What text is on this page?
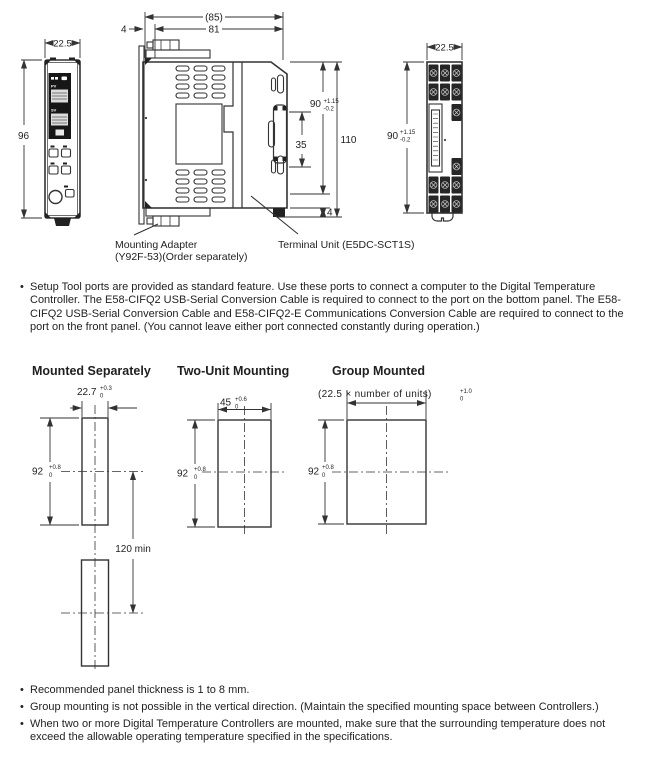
22.5
96
PV
SV
(85)
81
4
90 +1.15
-0.2
35	110
4
22.5
90 +1.15
-0.2
Mounting Adapter
(Y92F-53)(Order separately)
Terminal Unit (E5DC-SCT1S)
• Setup Tool ports are provided as standard feature. Use these ports to connect a computer to the Digital Temperature Controller. The E58-CIFQ2 USB-Serial Conversion Cable is required to connect to the port on the bottom panel. The E58-CIFQ2 USB-Serial Conversion Cable and E58-CIFQ2-E Communications Conversion Cable are required to connect to the port on the front panel. (You cannot leave either port connected constantly during operation.)
Mounted Separately Two-Unit Mounting	Group Mounted
22.7 +0.3
0
92 +0.8
0
120 min
45 +0.6
0
92 +0.8
0
(22.5 × number of units)	+1.0
0
92 +0.8
0
• Recommended panel thickness is 1 to 8 mm.
• Group mounting is not possible in the vertical direction. (Maintain the specified mounting space between Controllers.)
• When two or more Digital Temperature Controllers are mounted, make sure that the surrounding temperature does not exceed the allowable operating temperature specified in the specifications.
